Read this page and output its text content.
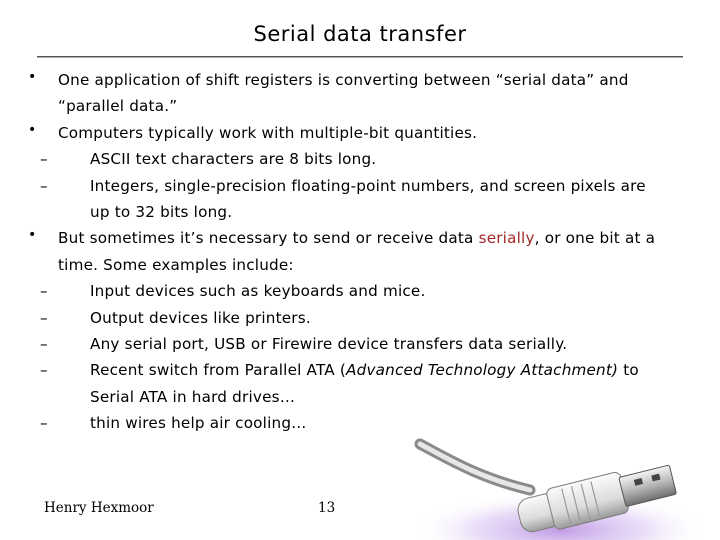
Serial data transfer
• One application of shift registers is converting between “serial data” and “parallel data.”
• Computers typically work with multiple-bit quantities.
–	ASCII text characters are 8 bits long.
–	Integers, single-precision floating-point numbers, and screen pixels are up to 32 bits long.
• But sometimes it’s necessary to send or receive data serially, or one bit at a time. Some examples include:
–	Input devices such as keyboards and mice.
–	Output devices like printers.
–	Any serial port, USB or Firewire device transfers data serially.
–	Recent switch from Parallel ATA (Advanced Technology Attachment) to Serial ATA in hard drives…
–	thin wires help air cooling…
Henry Hexmoor	13
